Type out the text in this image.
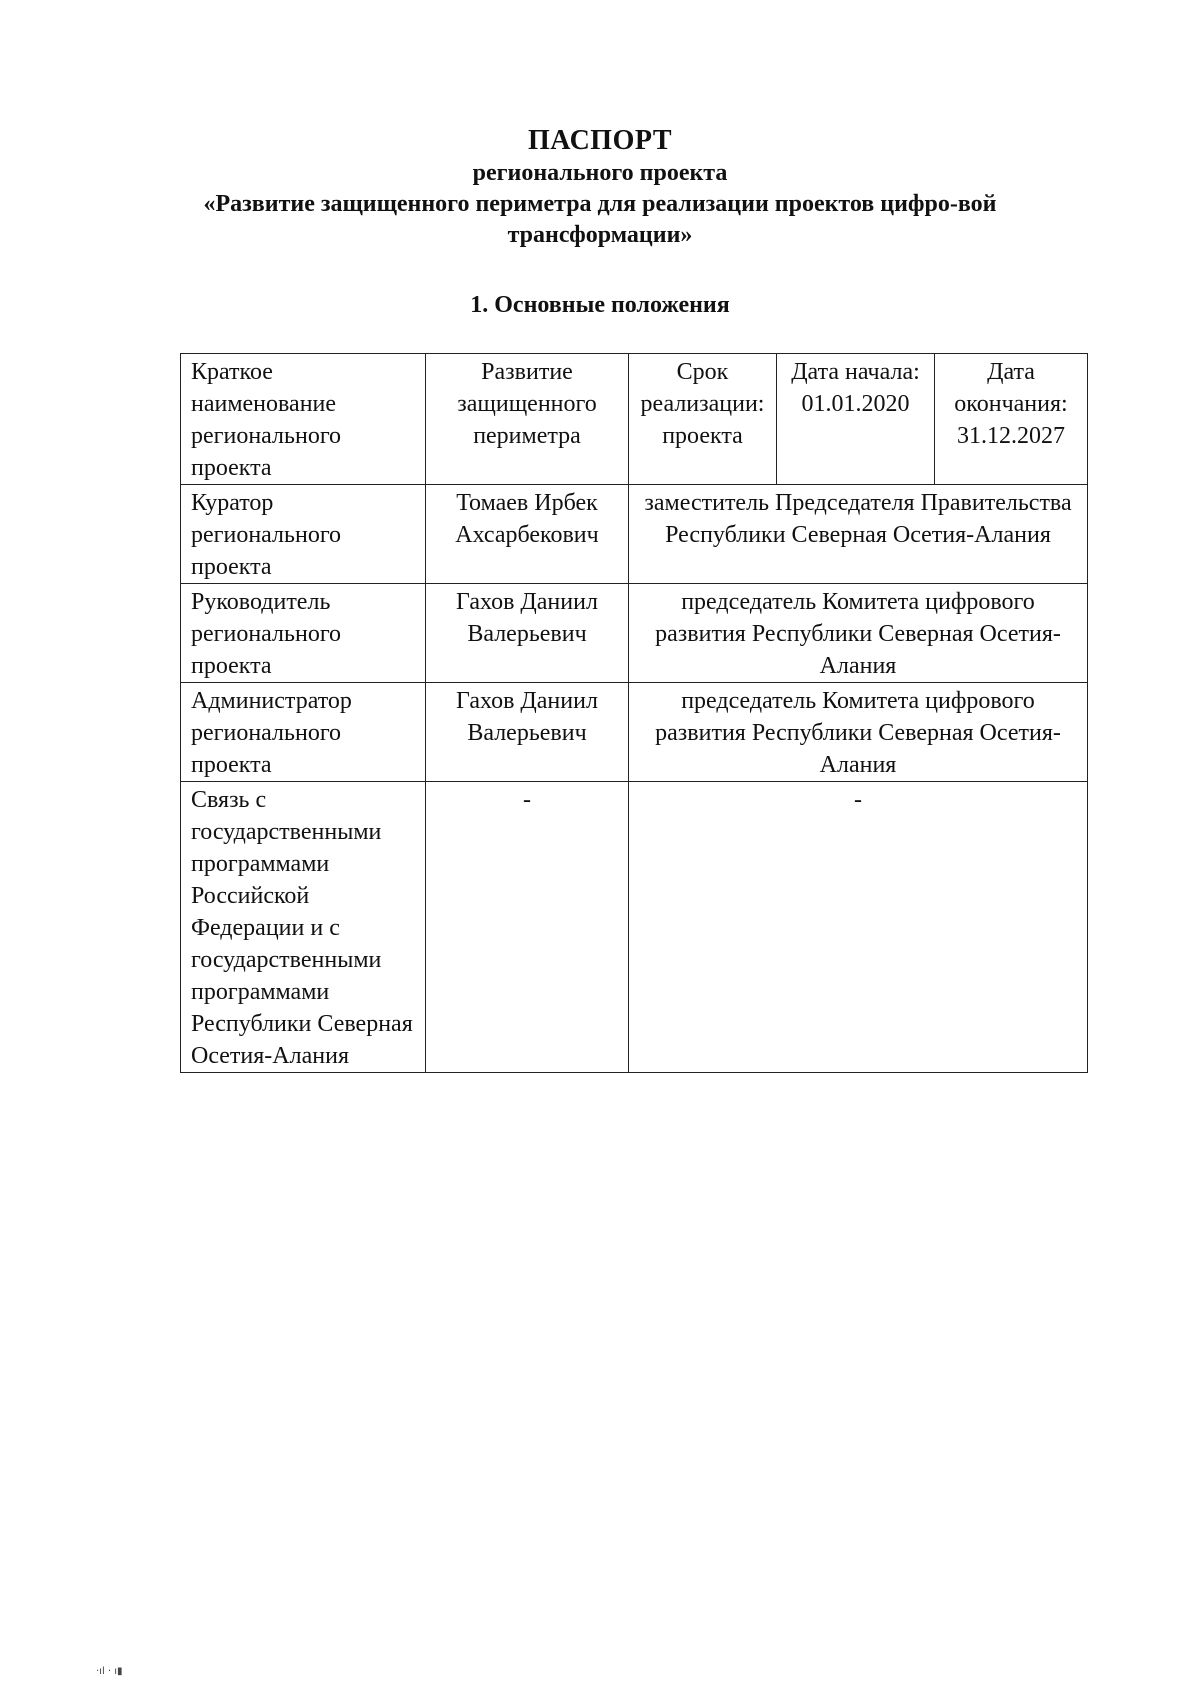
ПАСПОРТ
регионального проекта
«Развитие защищенного периметра для реализации проектов цифро-вой трансформации»
1. Основные положения
Краткое наименование регионального проекта	Развитие защищенного периметра	Срок реализации: проекта	Дата начала: 01.01.2020	Дата окончания: 31.12.2027
Куратор регионального проекта	Томаев Ирбек Ахсарбекович	заместитель Председателя Правительства Республики Северная Осетия-Алания		
Руководитель регионального проекта	Гахов Даниил Валерьевич	председатель Комитета цифрового развития Республики Северная Осетия-Алания		
Администратор регионального проекта	Гахов Даниил Валерьевич	председатель Комитета цифрового развития Республики Северная Осетия-Алания		
Связь с государственными программами Российской Федерации и с государственными программами Республики Северная Осетия-Алания	-	-		
·ıl · ı▮
